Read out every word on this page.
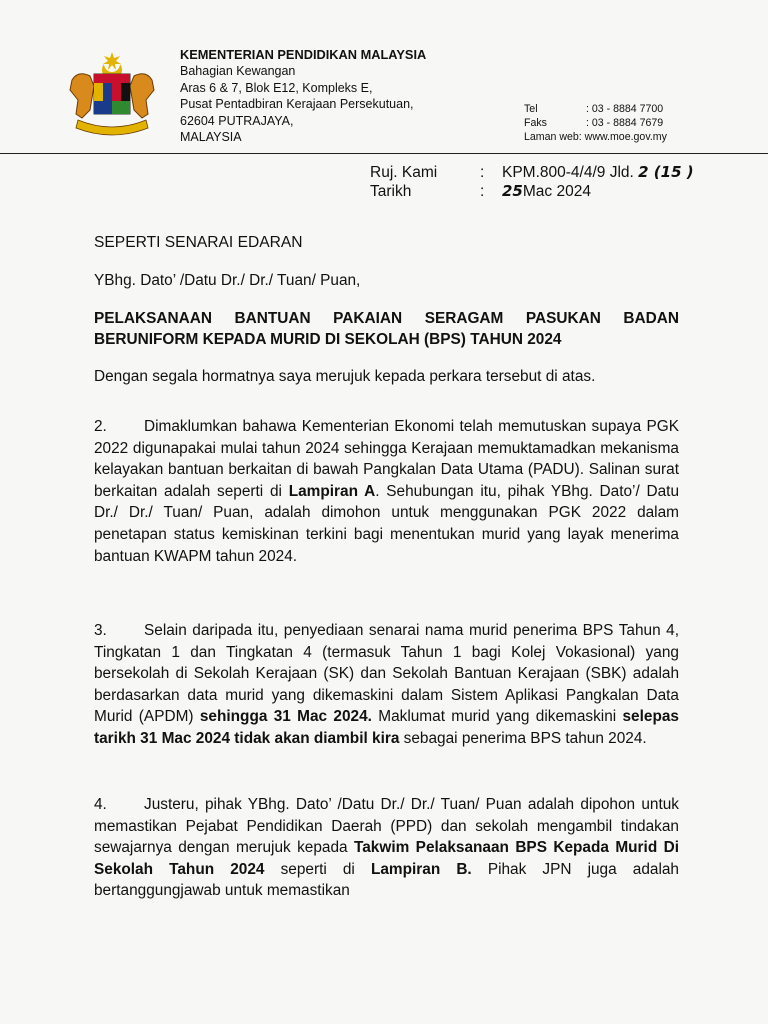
KEMENTERIAN PENDIDIKAN MALAYSIA
Bahagian Kewangan
Aras 6 & 7, Blok E12, Kompleks E,
Pusat Pentadbiran Kerajaan Persekutuan,
62604 PUTRAJAYA,
MALAYSIA
Tel	: 03 - 8884 7700
Faks	: 03 - 8884 7679
Laman web : www.moe.gov.my
Ruj. Kami	:	KPM.800-4/4/9 Jld.
2 (15 )
Tarikh	:	25 Mac 2024
SEPERTI SENARAI EDARAN
YBhg. Dato’ /Datu Dr./ Dr./ Tuan/ Puan,
PELAKSANAAN BANTUAN PAKAIAN SERAGAM PASUKAN BADAN BERUNIFORM KEPADA MURID DI SEKOLAH (BPS) TAHUN 2024
Dengan segala hormatnya saya merujuk kepada perkara tersebut di atas.
2. Dimaklumkan bahawa Kementerian Ekonomi telah memutuskan supaya PGK 2022 digunapakai mulai tahun 2024 sehingga Kerajaan memuktamadkan mekanisma kelayakan bantuan berkaitan di bawah Pangkalan Data Utama (PADU). Salinan surat berkaitan adalah seperti di Lampiran A. Sehubungan itu, pihak YBhg. Dato’/ Datu Dr./ Dr./ Tuan/ Puan, adalah dimohon untuk menggunakan PGK 2022 dalam penetapan status kemiskinan terkini bagi menentukan murid yang layak menerima bantuan KWAPM tahun 2024.
3. Selain daripada itu, penyediaan senarai nama murid penerima BPS Tahun 4, Tingkatan 1 dan Tingkatan 4 (termasuk Tahun 1 bagi Kolej Vokasional) yang bersekolah di Sekolah Kerajaan (SK) dan Sekolah Bantuan Kerajaan (SBK) adalah berdasarkan data murid yang dikemaskini dalam Sistem Aplikasi Pangkalan Data Murid (APDM) sehingga 31 Mac 2024. Maklumat murid yang dikemaskini selepas tarikh 31 Mac 2024 tidak akan diambil kira sebagai penerima BPS tahun 2024.
4. Justeru, pihak YBhg. Dato’ /Datu Dr./ Dr./ Tuan/ Puan adalah dipohon untuk memastikan Pejabat Pendidikan Daerah (PPD) dan sekolah mengambil tindakan sewajarnya dengan merujuk kepada Takwim Pelaksanaan BPS Kepada Murid Di Sekolah Tahun 2024 seperti di Lampiran B. Pihak JPN juga adalah bertanggungjawab untuk memastikan
